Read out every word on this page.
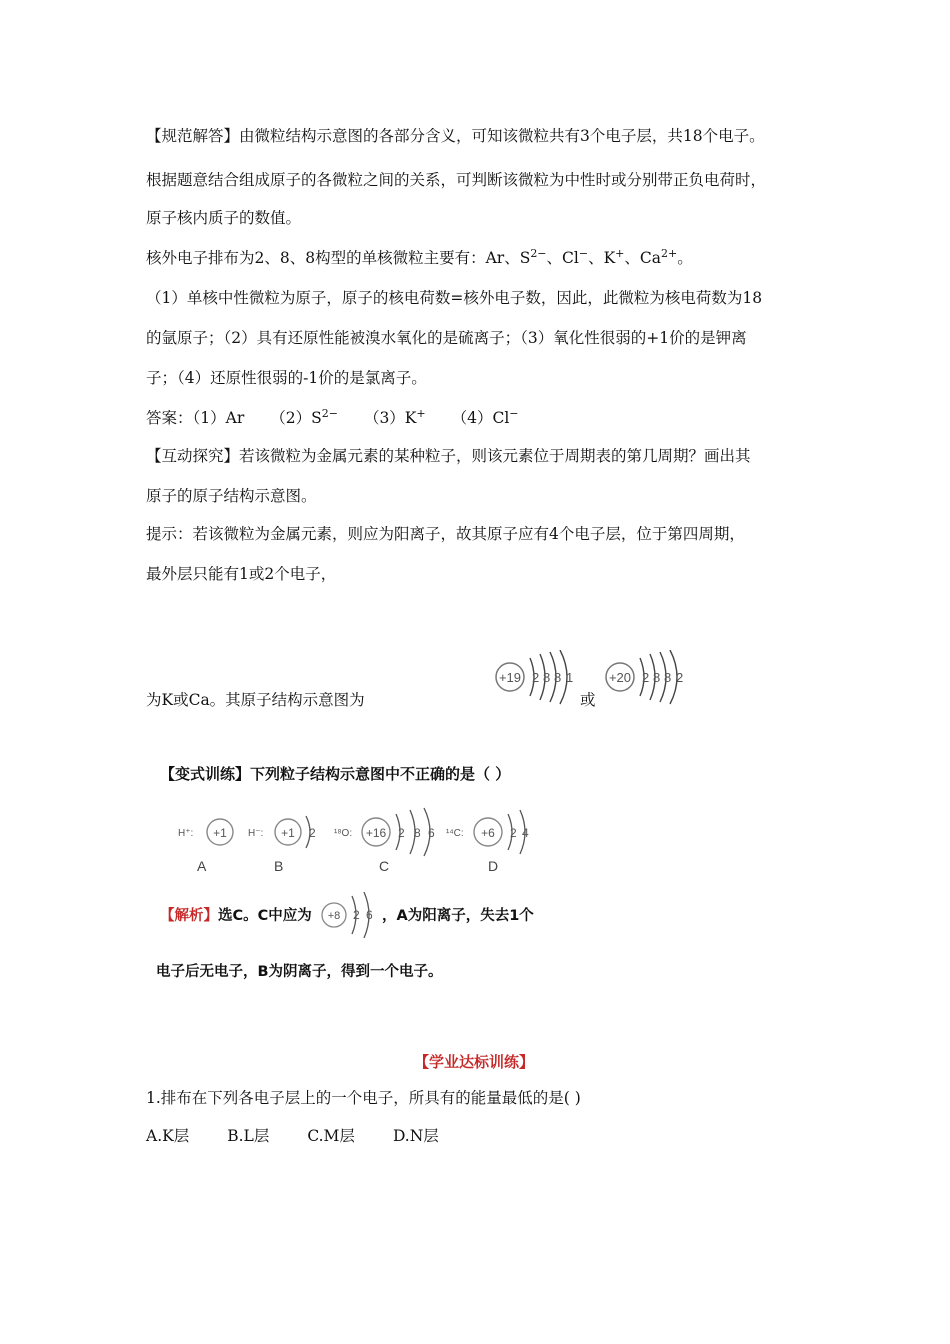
【规范解答】由微粒结构示意图的各部分含义，可知该微粒共有3个电子层，共18个电子。
根据题意结合组成原子的各微粒之间的关系，可判断该微粒为中性时或分别带正负电荷时，
原子核内质子的数值。
核外电子排布为2、8、8构型的单核微粒主要有：Ar、$S^{2-}$、Cl−、K+、$Ca^{2+}$。
（1）单核中性微粒为原子，原子的核电荷数=核外电子数，因此，此微粒为核电荷数为18
的氩原子；（2）具有还原性能被溴水氧化的是硫离子；（3）氧化性很弱的+1价的是钾离
子；（4）还原性很弱的-1价的是氯离子。
答案：（1）Ar $(2)S^{2-}$ （3）K+ （4）Cl−
【互动探究】若该微粒为金属元素的某种粒子，则该元素位于周期表的第几周期？画出其
原子的原子结构示意图。
提示：若该微粒为金属元素，则应为阳离子，故其原子应有4个电子层，位于第四周期，
最外层只能有1或2个电子，
为K或Ca。其原子结构示意图为	或
+19 2 8 8 1	+20 2 8 8 2
【变式训练】下列粒子结构示意图中不正确的是（ ）
H⁺: +1
A
H⁻: +1 2
B
¹⁸O: +16 2 8 6
C
¹⁴C: +6 2 4
D
【解析】选C。C中应为 +8 2 6 ，A为阳离子，失去1个
电子后无电子，B为阴离子，得到一个电子。
【学业达标训练】
1.排布在下列各电子层上的一个电子，所具有的能量最低的是( )
A.K层 B.L层 C.M层 D.N层
